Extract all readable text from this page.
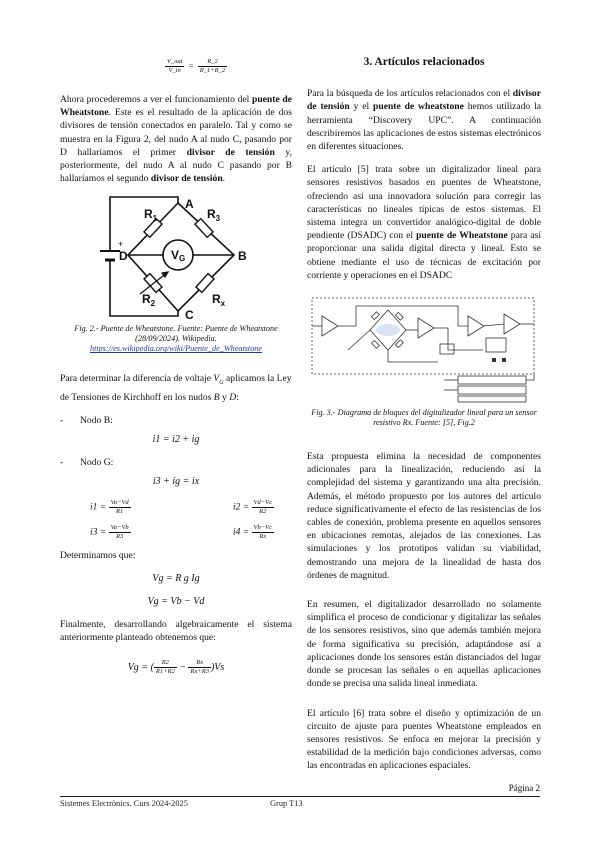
$\frac{\text{V\_out}}{V\_in} = \frac{R\_2}{R\_1+R\_2}$

Ahora procederemos a ver el funcionamiento del puente de Wheatstone. Este es el resultado de la aplicación de dos divisores de tensión conectados en paralelo. Tal y como se muestra en la Figura 2, del nudo A al nudo C, pasando por D hallaríamos el primer divisor de tensión y, posteriormente, del nudo A al nudo C pasando por B hallaríamos el segundo divisor de tensión.

A
B
C
D
$R_1$	$R_3$
$R_2$	$R_x$
VG
+
Fig. 2.- Puente de Wheatstone. Fuente: Puente de Wheatstone (28/09/2024). Wikipedia.
https://es.wikipedia.org/wiki/Puente_de_Wheatstone

Para determinar la diferencia de voltaje $V_G$ aplicamos la Ley de Tensiones de Kirchhoff en los nudos B y D:

- Nodo B:
i1 = i2 + ig
- Nodo G:
i3 + ig = ix
$i1 = \frac{Va-Vd}{R1}$	$i2 = \frac{Vd-Vc}{R2}$
$i3 = \frac{Va-Vb}{R3}$	$i4 = \frac{Vb-Vc}{Rx}$

Determinamos que:

Vg = R g Ig
Vg = Vb − Vd

Finalmente, desarrollando algebraicamente el sistema anteriormente planteado obtenemos que:

Vg = ( $\frac{R2}{R1+R2} - \frac{Rx}{Rx+R3} )Vs$
3. Artículos relacionados

Para la búsqueda de los artículos relacionados con el divisor de tensión y el puente de wheatstone hemos utilizado la herramienta “Discovery UPC”. A continuación describiremos las aplicaciones de estos sistemas electrónicos en diferentes situaciones.

El artículo [5] trata sobre un digitalizador lineal para sensores resistivos basados en puentes de Wheatstone, ofreciendo así una innovadora solución para corregir las características no lineales típicas de estos sistemas. El sistema integra un convertidor analógico-digital de doble pendiente (DSADC) con el puente de Wheatstone para así proporcionar una salida digital directa y lineal. Esto se obtiene mediante el uso de técnicas de excitación por corriente y operaciones en el DSADC

Fig. 3.- Diagrama de bloques del digitalizador lineal para un sensor resistivo Rx. Fuente: [5], Fig.2

Esta propuesta elimina la necesidad de componentes adicionales para la linealización, reduciendo así la complejidad del sistema y garantizando una alta precisión. Además, el método propuesto por los autores del artículo reduce significativamente el efecto de las resistencias de los cables de conexión, problema presente en aquellos sensores en ubicaciones remotas, alejados de las conexiones. Las simulaciones y los prototipos validan su viabilidad, demostrando una mejora de la linealidad de hasta dos órdenes de magnitud.

En resumen, el digitalizador desarrollado no solamente simplifica el proceso de condicionar y digitalizar las señales de los sensores resistivos, sino que además también mejora de forma significativa su precisión, adaptándose así a aplicaciones donde los sensores están distanciados del lugar donde se procesan las señales o en aquellas aplicaciones donde se precisa una salida lineal inmediata.

El artículo [6] trata sobre el diseño y optimización de un circuito de ajuste para puentes Wheatstone empleados en sensores resistivos. Se enfoca en mejorar la precisión y estabilidad de la medición bajo condiciones adversas, como las encontradas en aplicaciones espaciales.

Página 2
Sistemes Electrònics. Curs 2024-2025	Grup T13
